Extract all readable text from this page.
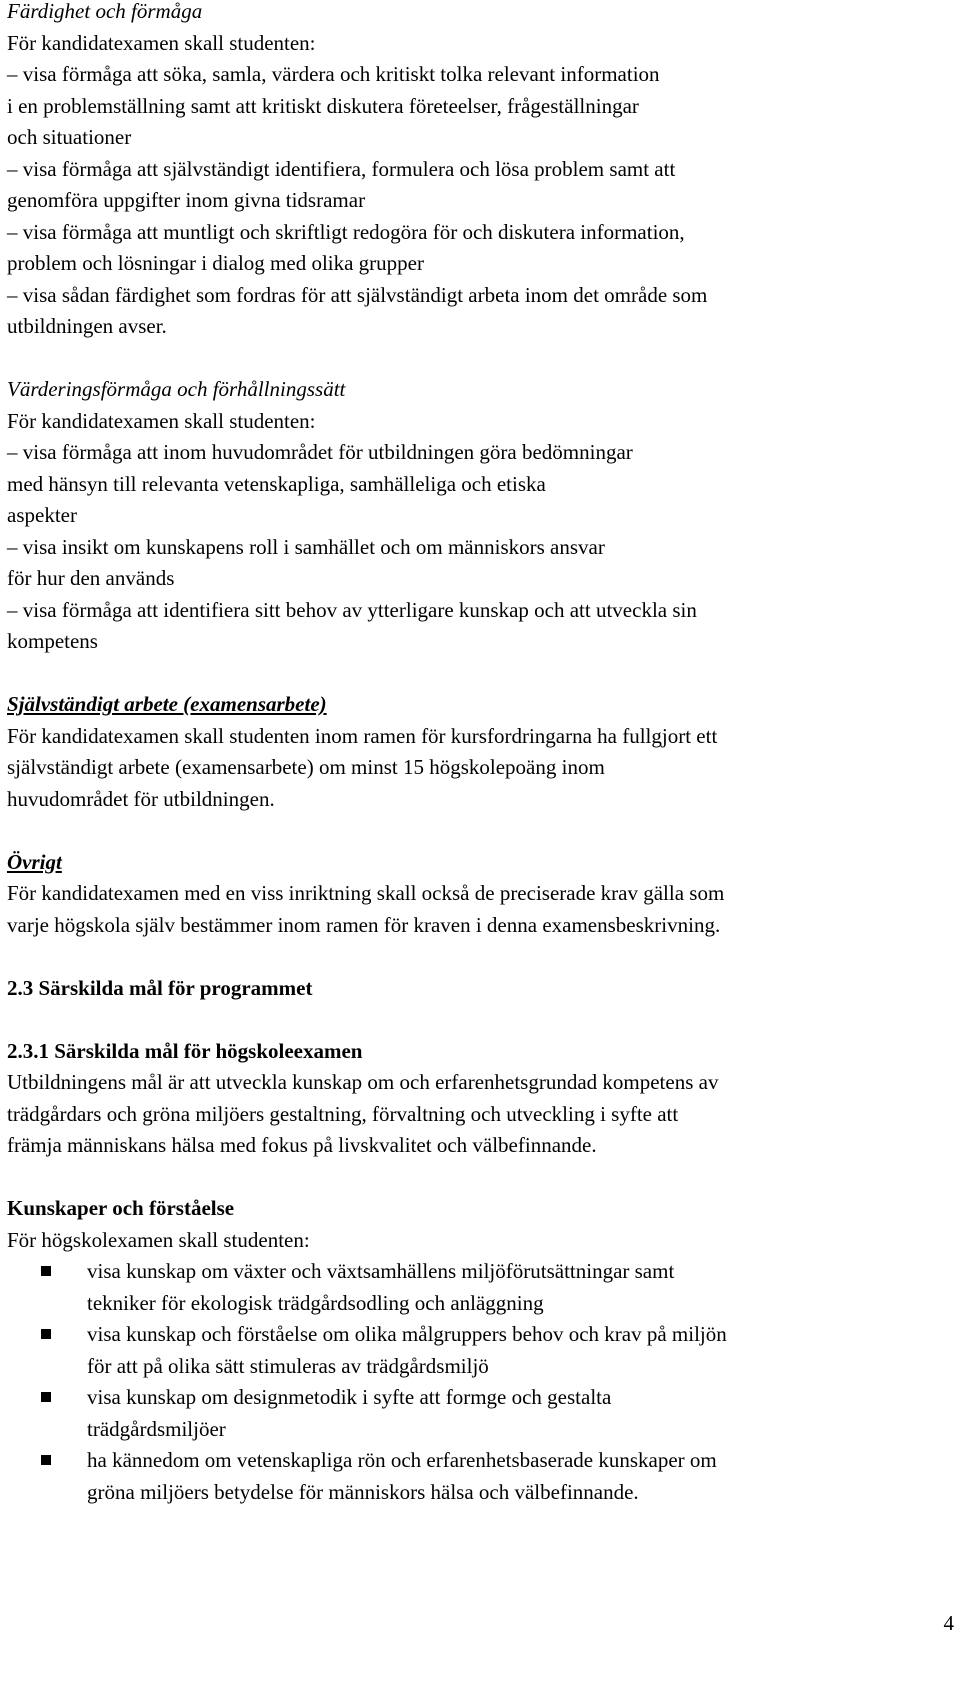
Färdighet och förmåga
För kandidatexamen skall studenten:
– visa förmåga att söka, samla, värdera och kritiskt tolka relevant information
i en problemställning samt att kritiskt diskutera företeelser, frågeställningar
och situationer
– visa förmåga att självständigt identifiera, formulera och lösa problem samt att
genomföra uppgifter inom givna tidsramar
– visa förmåga att muntligt och skriftligt redogöra för och diskutera information,
problem och lösningar i dialog med olika grupper
– visa sådan färdighet som fordras för att självständigt arbeta inom det område som
utbildningen avser.
Värderingsförmåga och förhållningssätt
För kandidatexamen skall studenten:
– visa förmåga att inom huvudområdet för utbildningen göra bedömningar
med hänsyn till relevanta vetenskapliga, samhälleliga och etiska
aspekter
– visa insikt om kunskapens roll i samhället och om människors ansvar
för hur den används
– visa förmåga att identifiera sitt behov av ytterligare kunskap och att utveckla sin
kompetens
Självständigt arbete (examensarbete)
För kandidatexamen skall studenten inom ramen för kursfordringarna ha fullgjort ett
självständigt arbete (examensarbete) om minst 15 högskolepoäng inom
huvudområdet för utbildningen.
Övrigt
För kandidatexamen med en viss inriktning skall också de preciserade krav gälla som
varje högskola själv bestämmer inom ramen för kraven i denna examensbeskrivning.
2.3 Särskilda mål för programmet
2.3.1 Särskilda mål för högskoleexamen
Utbildningens mål är att utveckla kunskap om och erfarenhetsgrundad kompetens av
trädgårdars och gröna miljöers gestaltning, förvaltning och utveckling i syfte att
främja människans hälsa med fokus på livskvalitet och välbefinnande.
Kunskaper och förståelse
För högskolexamen skall studenten:
visa kunskap om växter och växtsamhällens miljöförutsättningar samt
tekniker för ekologisk trädgårdsodling och anläggning
visa kunskap och förståelse om olika målgruppers behov och krav på miljön
för att på olika sätt stimuleras av trädgårdsmiljö
visa kunskap om designmetodik i syfte att formge och gestalta
trädgårdsmiljöer
ha kännedom om vetenskapliga rön och erfarenhetsbaserade kunskaper om
gröna miljöers betydelse för människors hälsa och välbefinnande.
4
